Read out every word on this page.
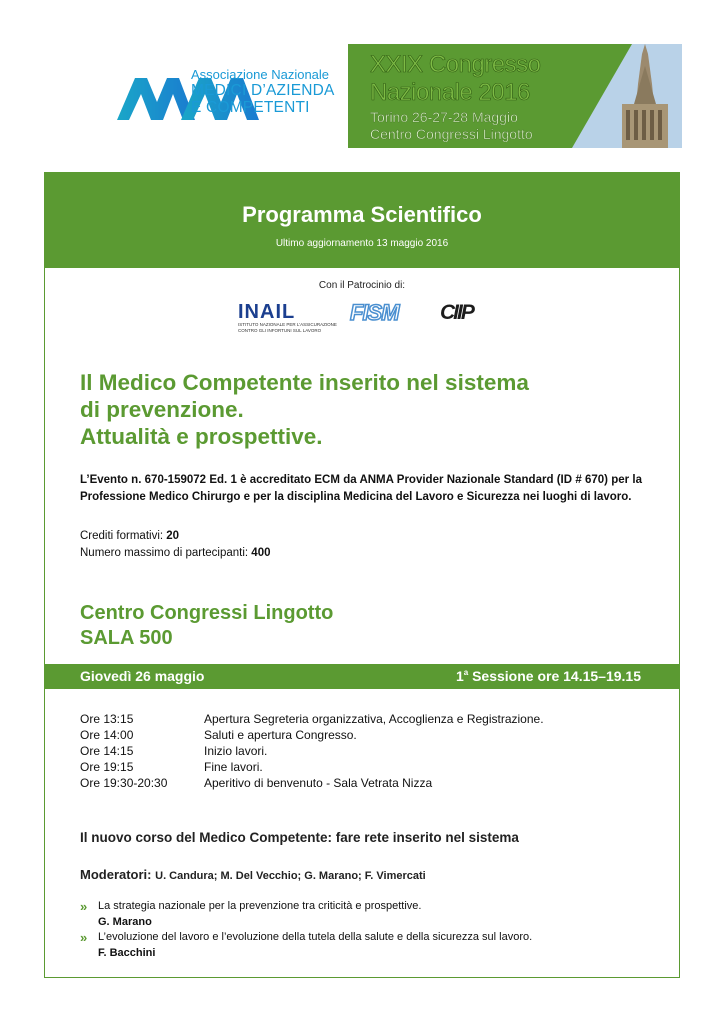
Associazione Nazionale
MEDICI D’AZIENDA
E COMPETENTI
XXIX Congresso
Nazionale 2016
Torino 26-27-28 Maggio
Centro Congressi Lingotto
Programma Scientifico
Ultimo aggiornamento 13 maggio 2016
Con il Patrocinio di:
INAIL
ISTITUTO NAZIONALE PER L’ASSICURAZIONE
CONTRO GLI INFORTUNI SUL LAVORO
FISM CIIP
Il Medico Competente inserito nel sistema
di prevenzione.
Attualità e prospettive.
L’Evento n. 670-159072 Ed. 1 è accreditato ECM da ANMA Provider Nazionale Standard (ID # 670) per la Professione Medico Chirurgo e per la disciplina Medicina del Lavoro e Sicurezza nei luoghi di lavoro.
Crediti formativi: 20
Numero massimo di partecipanti: 400
Centro Congressi Lingotto
SALA 500
Giovedì 26 maggio	1$^a$ Sessione ore 14.15–19.15
Ore 13:15	Apertura Segreteria organizzativa, Accoglienza e Registrazione.
Ore 14:00	Saluti e apertura Congresso.
Ore 14:15	Inizio lavori.
Ore 19:15	Fine lavori.
Ore 19:30-20:30	Aperitivo di benvenuto - Sala Vetrata Nizza
Il nuovo corso del Medico Competente: fare rete inserito nel sistema
Moderatori: U. Candura; M. Del Vecchio; G. Marano; F. Vimercati
» La strategia nazionale per la prevenzione tra criticità e prospettive.
G. Marano
» L’evoluzione del lavoro e l’evoluzione della tutela della salute e della sicurezza sul lavoro.
F. Bacchini
